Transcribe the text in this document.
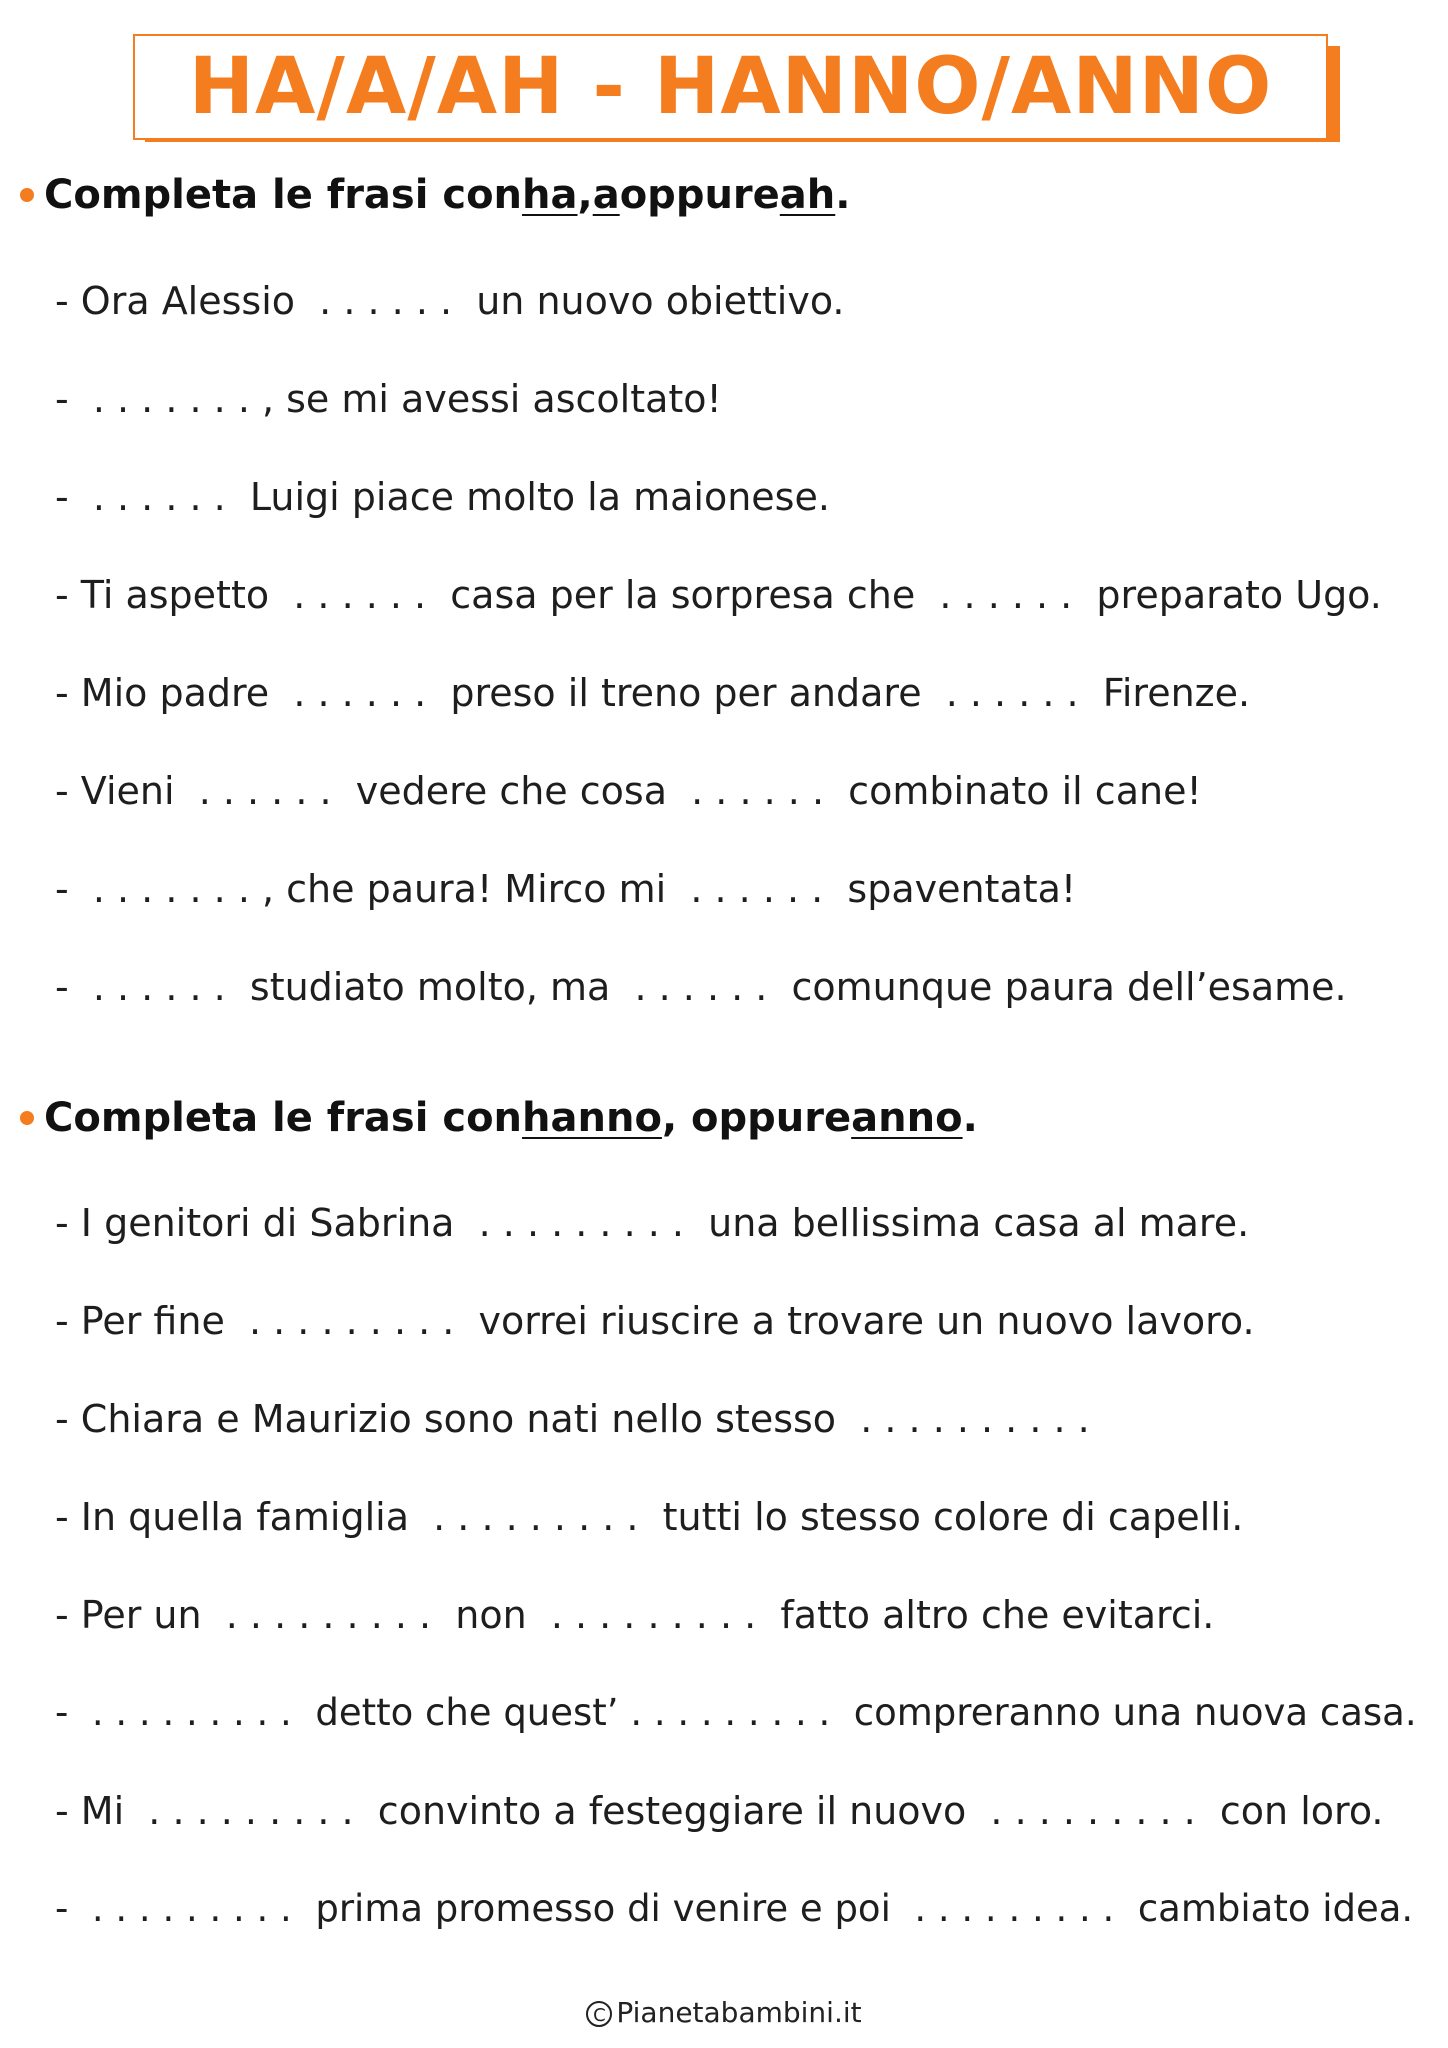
HA/A/AH - HANNO/ANNO
Completa le frasi con ha , a oppure ah .
- Ora Alessio  . . . . . .  un nuovo obiettivo.
-  . . . . . . . , se mi avessi ascoltato!
-  . . . . . .  Luigi piace molto la maionese.
- Ti aspetto  . . . . . .  casa per la sorpresa che  . . . . . .  preparato Ugo.
- Mio padre  . . . . . .  preso il treno per andare  . . . . . .  Firenze.
- Vieni  . . . . . .  vedere che cosa  . . . . . .  combinato il cane!
-  . . . . . . . , che paura! Mirco mi  . . . . . .  spaventata!
-  . . . . . .  studiato molto, ma  . . . . . .  comunque paura dell’esame.
Completa le frasi con hanno , oppure anno .
- I genitori di Sabrina  . . . . . . . . .  una bellissima casa al mare.
- Per fine  . . . . . . . . .  vorrei riuscire a trovare un nuovo lavoro.
- Chiara e Maurizio sono nati nello stesso  . . . . . . . . . .
- In quella famiglia  . . . . . . . . .  tutti lo stesso colore di capelli.
- Per un  . . . . . . . . .  non  . . . . . . . . .  fatto altro che evitarci.
-  . . . . . . . . .  detto che quest’ . . . . . . . . .  compreranno una nuova casa.
- Mi  . . . . . . . . .  convinto a festeggiare il nuovo  . . . . . . . . .  con loro.
-  . . . . . . . . .  prima promesso di venire e poi  . . . . . . . . .  cambiato idea.
CPianetabambini.it
